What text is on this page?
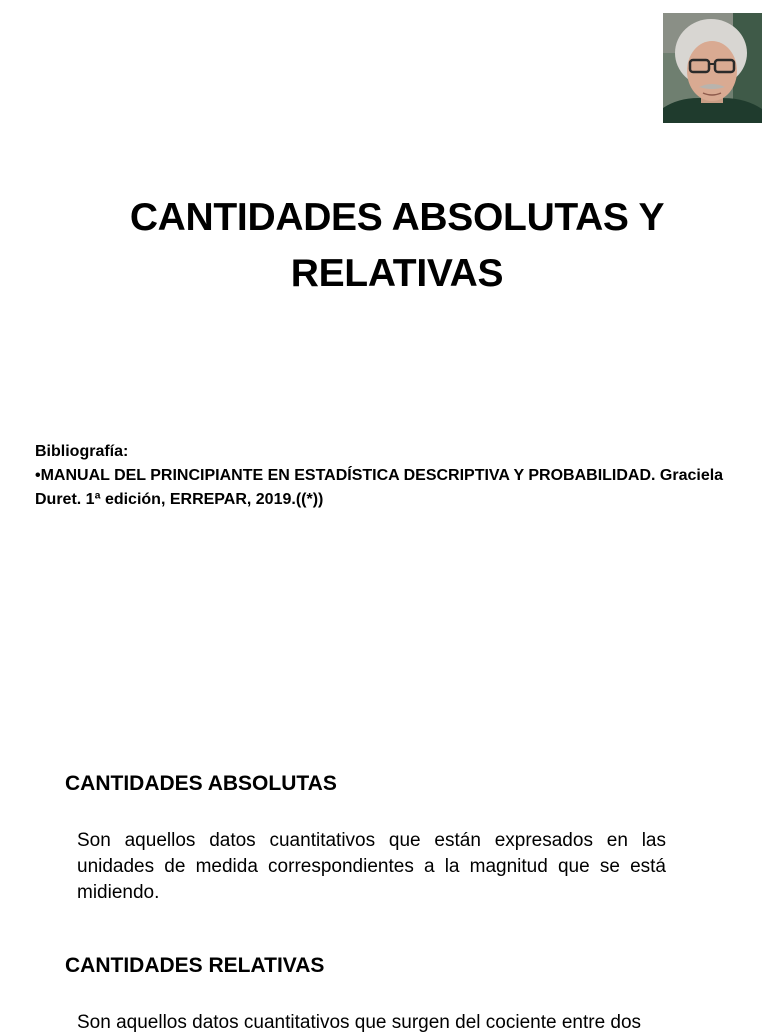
CANTIDADES ABSOLUTAS Y
RELATIVAS
Bibliografía:
•MANUAL DEL PRINCIPIANTE EN ESTADÍSTICA DESCRIPTIVA Y PROBABILIDAD. Graciela
Duret. 1ª edición, ERREPAR, 2019.((*))
CANTIDADES ABSOLUTAS

Son aquellos datos cuantitativos que están expresados en las unidades de medida correspondientes a la magnitud que se está midiendo.

CANTIDADES RELATIVAS

Son aquellos datos cuantitativos que surgen del cociente entre dos
